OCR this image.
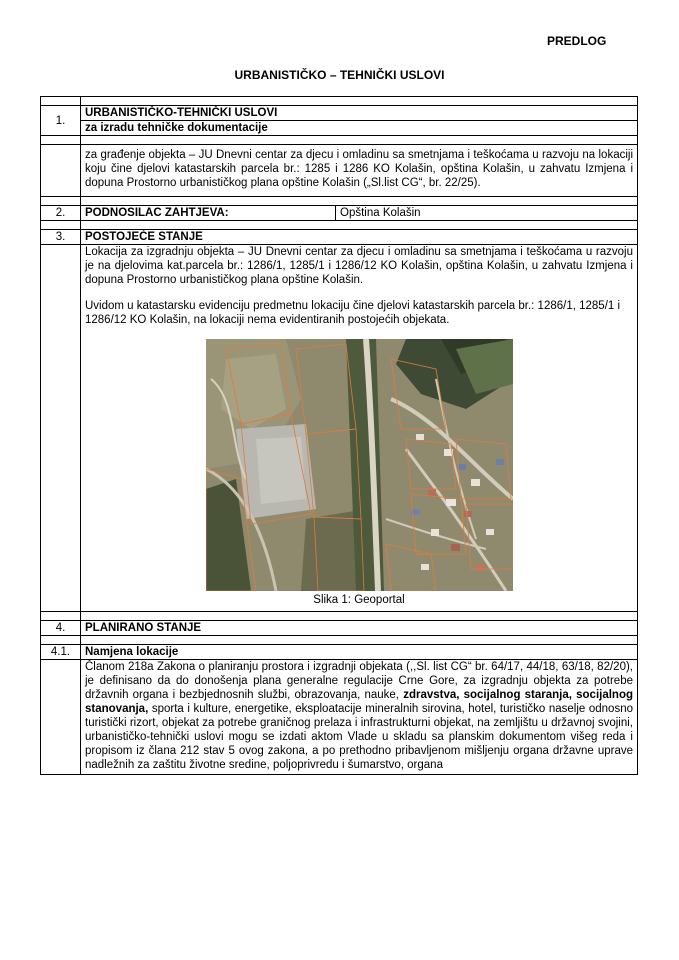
PREDLOG
URBANISTIČKO – TEHNIČKI USLOVI

1.	URBANISTIČKO-TEHNIČKI USLOVI	
	za izradu tehničke dokumentacije	

	za građenje objekta – JU Dnevni centar za djecu i omladinu sa smetnjama i teškoćama u razvoju na lokaciji koju čine djelovi katastarskih parcela br.: 1285 i 1286 KO Kolašin, opština Kolašin, u zahvatu Izmjena i dopuna Prostorno urbanističkog plana opštine Kolašin („Sl.list CG“, br. 22/25).	

2.	PODNOSILAC ZAHTJEVA:	Opština Kolašin

3.	POSTOJEĆE STANJE	

	Lokacija za izgradnju objekta – JU Dnevni centar za djecu i omladinu sa smetnjama i teškoćama u razvoju je na djelovima kat.parcela br.: 1286/1, 1285/1 i 1286/12 KO Kolašin, opština Kolašin, u zahvatu Izmjena i dopuna Prostorno urbanističkog plana opštine Kolašin.

Uvidom u katastarsku evidenciju predmetnu lokaciju čine djelovi katastarskih parcela br.: 1286/1, 1285/1 i 1286/12 KO Kolašin, na lokaciji nema evidentiranih postojećih objekata.

Slika 1: Geoportal	

4.	PLANIRANO STANJE	

4.1.	Namjena lokacije	
	Članom 218a Zakona o planiranju prostora i izgradnji objekata (,,Sl. list CG“ br. 64/17, 44/18, 63/18, 82/20), je definisano da do donošenja plana generalne regulacije Crne Gore, za izgradnju objekta za potrebe državnih organa i bezbjednosnih službi, obrazovanja, nauke, zdravstva, socijalnog staranja, socijalnog stanovanja, sporta i kulture, energetike, eksploatacije mineralnih sirovina, hotel, turističko naselje odnosno turistički rizort, objekat za potrebe graničnog prelaza i infrastrukturni objekat, na zemljištu u državnoj svojini, urbanističko-tehnički uslovi mogu se izdati aktom Vlade u skladu sa planskim dokumentom višeg reda i propisom iz člana 212 stav 5 ovog zakona, a po prethodno pribavljenom mišljenju organa državne uprave nadležnih za zaštitu životne sredine, poljoprivredu i šumarstvo, organa	
